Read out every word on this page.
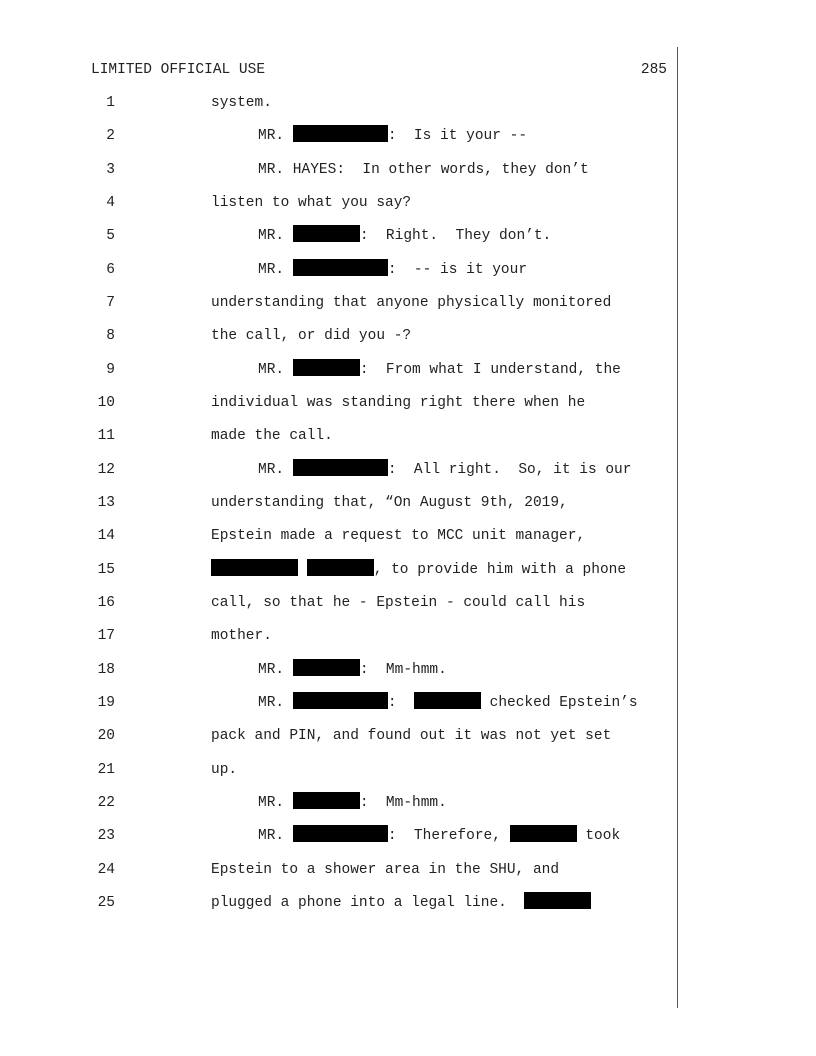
LIMITED OFFICIAL USE	285
1	system.
2	MR.	:  Is it your --
3	MR. HAYES:  In other words, they don’t
4	listen to what you say?
5	MR.	:  Right.  They don’t.
6	MR.	:  -- is it your
7	understanding that anyone physically monitored
8	the call, or did you -?
9	MR.	:  From what I understand, the
10	individual was standing right there when he
11	made the call.
12	MR.	:  All right.  So, it is our
13	understanding that, “On August 9th, 2019,
14	Epstein made a request to MCC unit manager,
15	, to provide him with a phone
16	call, so that he - Epstein - could call his
17	mother.
18	MR.	:  Mm-hmm.
19	MR.	:	checked Epstein’s
20	pack and PIN, and found out it was not yet set
21	up.
22	MR.	:  Mm-hmm.
23	MR.	:  Therefore,	took
24	Epstein to a shower area in the SHU, and
25	plugged a phone into a legal line.
